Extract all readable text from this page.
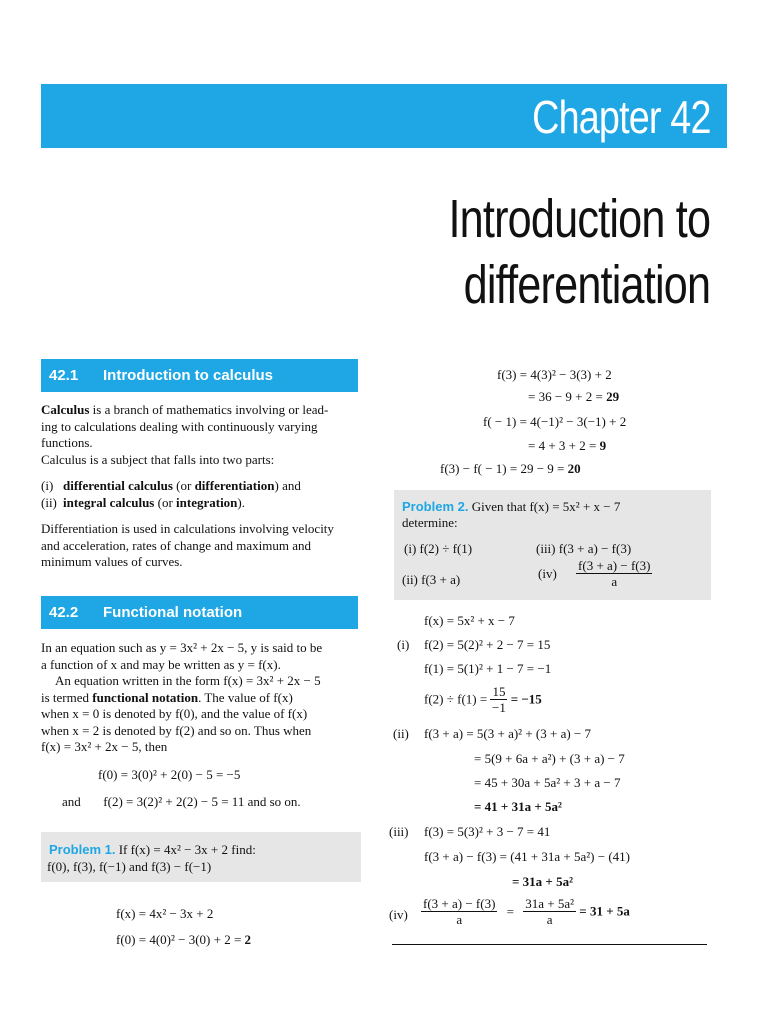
Chapter 42
Introduction to
differentiation
42.1 Introduction to calculus
Calculus is a branch of mathematics involving or lead-
ing to calculations dealing with continuously varying
functions.
Calculus is a subject that falls into two parts:
(i) differential calculus (or differentiation) and
(ii) integral calculus (or integration).
Differentiation is used in calculations involving velocity
and acceleration, rates of change and maximum and
minimum values of curves.
42.2 Functional notation
In an equation such as y = 3x² + 2x − 5, y is said to be
a function of x and may be written as y = f(x).
An equation written in the form f(x) = 3x² + 2x − 5
is termed functional notation. The value of f(x)
when x = 0 is denoted by f(0), and the value of f(x)
when x = 2 is denoted by f(2) and so on. Thus when
f(x) = 3x² + 2x − 5, then
f(0) = 3(0)² + 2(0) − 5 = −5
and f(2) = 3(2)² + 2(2) − 5 = 11 and so on.
Problem 1. If f(x) = 4x² − 3x + 2 find:
f(0), f(3), f(−1) and f(3) − f(−1)
f(x) = 4x² − 3x + 2
f(0) = 4(0)² − 3(0) + 2 = 2
f(3) = 4(3)² − 3(3) + 2
= 36 − 9 + 2 = 29
f( − 1) = 4(−1)² − 3(−1) + 2
= 4 + 3 + 2 = 9
f(3) − f( − 1) = 29 − 9 = 20
Problem 2. Given that f(x) = 5x² + x − 7
determine:
(i) f(2) ÷ f(1)	(iii) f(3 + a) − f(3)
(ii) f(3 + a)	$(iv) \frac{f(3 + a) - f(3)}{a}$
f(x) = 5x² + x − 7
(i) f(2) = 5(2)² + 2 − 7 = 15
f(1) = 5(1)² + 1 − 7 = −1
$f(2) \div f(1) = \frac{15}{-1} = -15$
(ii) f(3 + a) = 5(3 + a)² + (3 + a) − 7
= 5(9 + 6a + a²) + (3 + a) − 7
= 45 + 30a + 5a² + 3 + a − 7
= 41 + 31a + 5a²
(iii) f(3) = 5(3)² + 3 − 7 = 41
f(3 + a) − f(3) = (41 + 31a + 5a²) − (41)
= 31a + 5a²
$(iv) \frac{f(3 + a) - f(3)}{a} = \frac{\text{31a + 5a²}}{a} = 31 + 5a$
